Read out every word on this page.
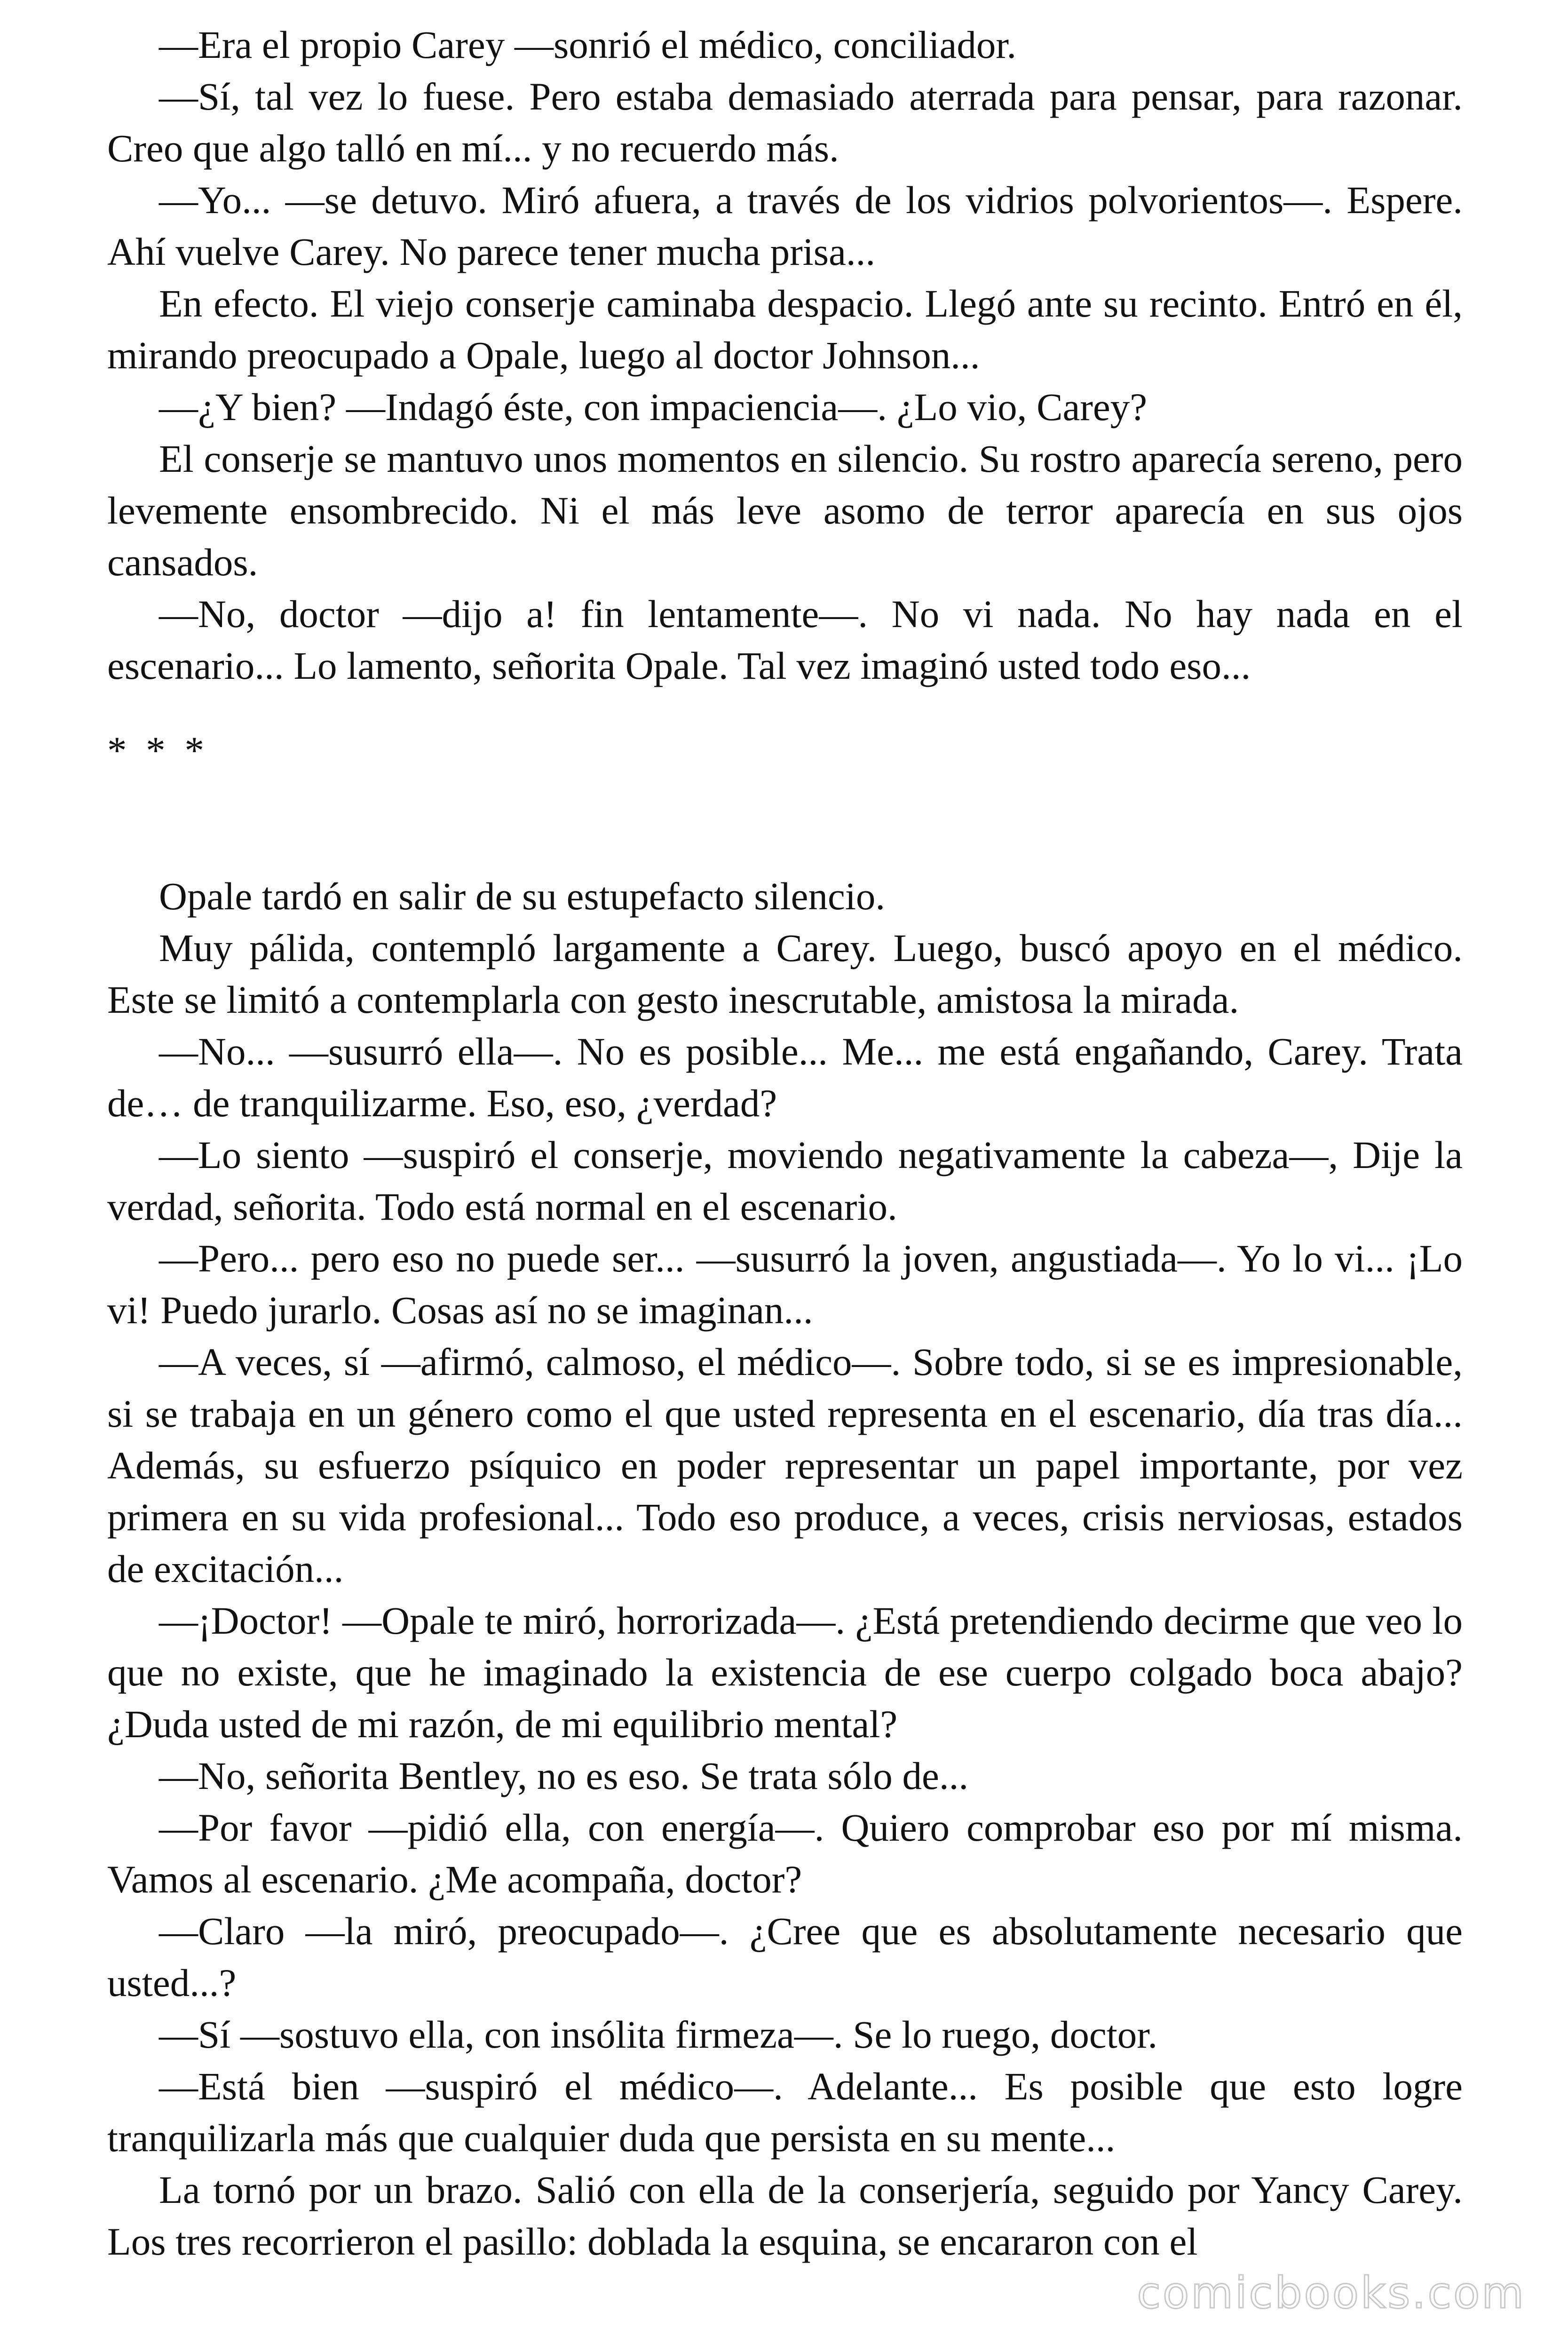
—Era el propio Carey —sonrió el médico, conciliador.

—Sí, tal vez lo fuese. Pero estaba demasiado aterrada para pensar, para razonar. Creo que algo talló en mí... y no recuerdo más.

—Yo... —se detuvo. Miró afuera, a través de los vidrios polvorientos—. Espere. Ahí vuelve Carey. No parece tener mucha prisa...

En efecto. El viejo conserje caminaba despacio. Llegó ante su recinto. Entró en él, mirando preocupado a Opale, luego al doctor Johnson...

—¿Y bien? —Indagó éste, con impaciencia—. ¿Lo vio, Carey?

El conserje se mantuvo unos momentos en silencio. Su rostro aparecía sereno, pero levemente ensombrecido. Ni el más leve asomo de terror aparecía en sus ojos cansados.

—No, doctor —dijo a! fin lentamente—. No vi nada. No hay nada en el escenario... Lo lamento, señorita Opale. Tal vez imaginó usted todo eso...

* * *

Opale tardó en salir de su estupefacto silencio.

Muy pálida, contempló largamente a Carey. Luego, buscó apoyo en el médico. Este se limitó a contemplarla con gesto inescrutable, amistosa la mirada.

—No... —susurró ella—. No es posible... Me... me está engañando, Carey. Trata de… de tranquilizarme. Eso, eso, ¿verdad?

—Lo siento —suspiró el conserje, moviendo negativamente la cabeza—, Dije la verdad, señorita. Todo está normal en el escenario.

—Pero... pero eso no puede ser... —susurró la joven, angustiada—. Yo lo vi... ¡Lo vi! Puedo jurarlo. Cosas así no se imaginan...

—A veces, sí —afirmó, calmoso, el médico—. Sobre todo, si se es impresionable, si se trabaja en un género como el que usted representa en el escenario, día tras día... Además, su esfuerzo psíquico en poder representar un papel importante, por vez primera en su vida profesional... Todo eso produce, a veces, crisis nerviosas, estados de excitación...

—¡Doctor! —Opale te miró, horrorizada—. ¿Está pretendiendo decirme que veo lo que no existe, que he imaginado la existencia de ese cuerpo colgado boca abajo? ¿Duda usted de mi razón, de mi equilibrio mental?

—No, señorita Bentley, no es eso. Se trata sólo de...

—Por favor —pidió ella, con energía—. Quiero comprobar eso por mí misma. Vamos al escenario. ¿Me acompaña, doctor?

—Claro —la miró, preocupado—. ¿Cree que es absolutamente necesario que usted...?

—Sí —sostuvo ella, con insólita firmeza—. Se lo ruego, doctor.

—Está bien —suspiró el médico—. Adelante... Es posible que esto logre tranquilizarla más que cualquier duda que persista en su mente...

La tornó por un brazo. Salió con ella de la conserjería, seguido por Yancy Carey. Los tres recorrieron el pasillo: doblada la esquina, se encararon con el

comicbooks.com
